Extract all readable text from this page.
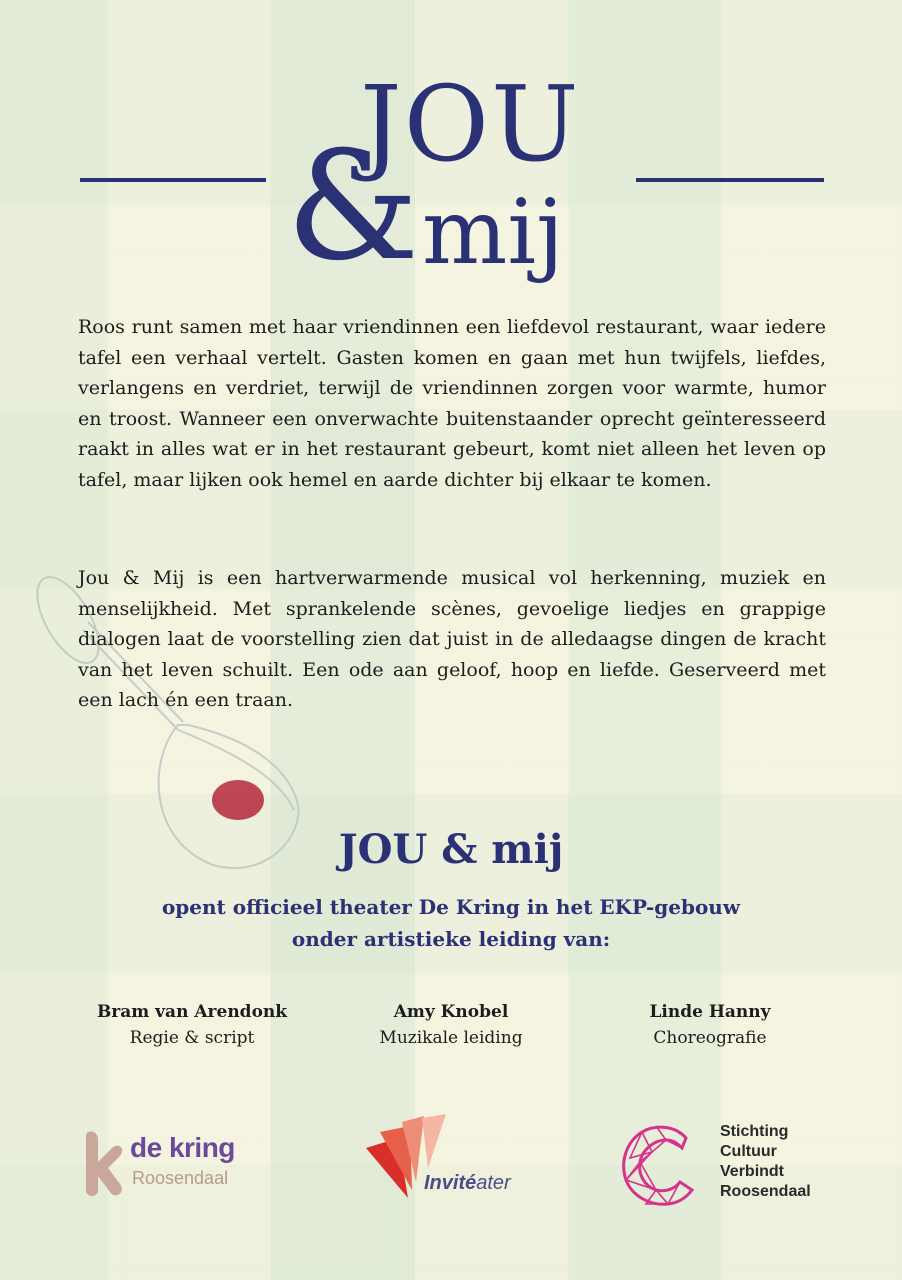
JOU
& mij

Roos runt samen met haar vriendinnen een liefdevol restaurant, waar iedere tafel een verhaal vertelt. Gasten komen en gaan met hun twijfels, liefdes, verlangens en verdriet, terwijl de vriendinnen zorgen voor warmte, humor en troost. Wanneer een onverwachte buitenstaander oprecht geïnteresseerd raakt in alles wat er in het restaurant gebeurt, komt niet alleen het leven op tafel, maar lijken ook hemel en aarde dichter bij elkaar te komen.

Jou & Mij is een hartverwarmende musical vol herkenning, muziek en menselijkheid. Met sprankelende scènes, gevoelige liedjes en grappige dialogen laat de voorstelling zien dat juist in de alledaagse dingen de kracht van het leven schuilt. Een ode aan geloof, hoop en liefde. Geserveerd met een lach én een traan.

JOU & mij

opent officieel theater De Kring in het EKP-gebouw

onder artistieke leiding van:

Bram van Arendonk
Regie & script
Amy Knobel
Muzikale leiding
Linde Hanny
Choreografie
de kring
Roosendaal	Invitéater
Stichting
Cultuur
Verbindt
Roosendaal
